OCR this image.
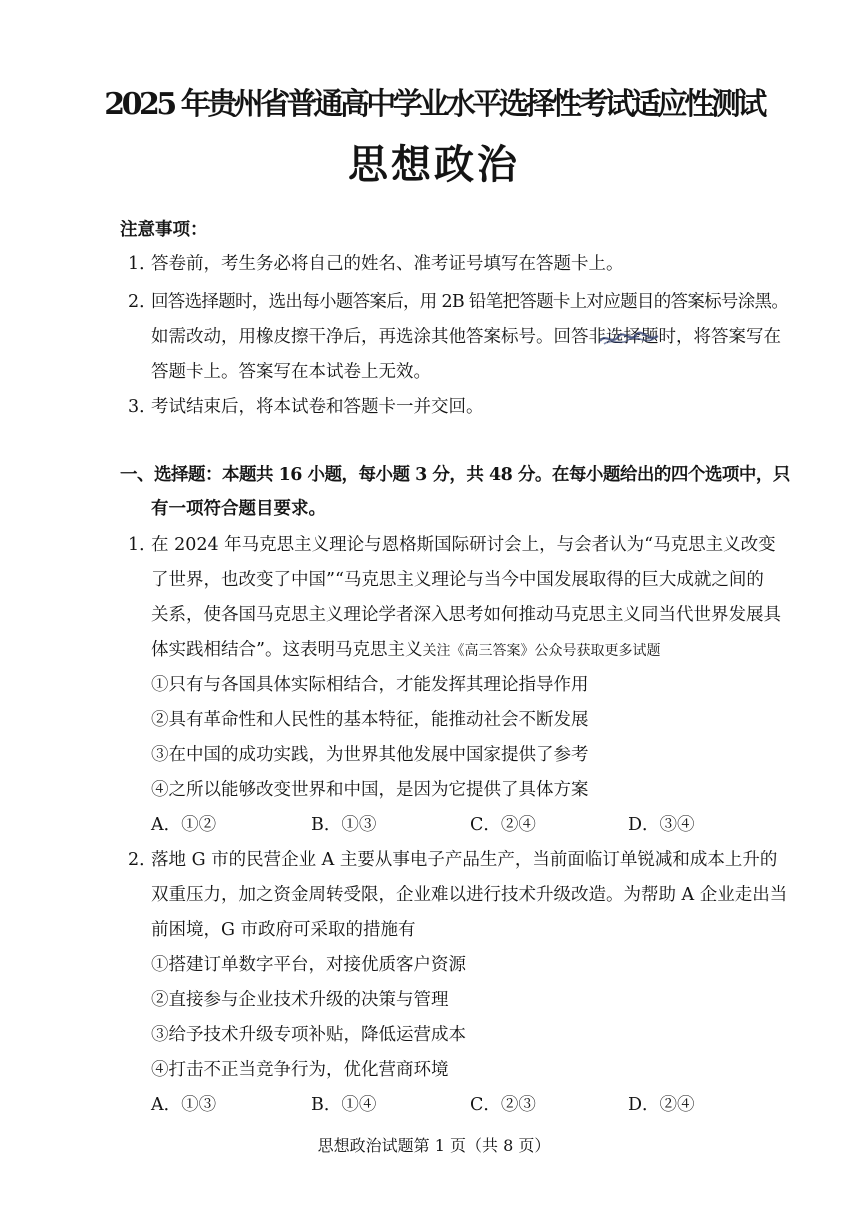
2025 年贵州省普通高中学业水平选择性考试适应性测试
思想政治
注意事项：
1．
答卷前，考生务必将自己的姓名、准考证号填写在答题卡上。
2．
回答选择题时，选出每小题答案后，用 2B 铅笔把答题卡上对应题目的答案标号涂黑。
如需改动，用橡皮擦干净后，再选涂其他答案标号。回答非选择题时，将答案写在
答题卡上。答案写在本试卷上无效。
3．
考试结束后，将本试卷和答题卡一并交回。
一、选择题：本题共 16 小题，每小题 3 分，共 48 分。在每小题给出的四个选项中，只
有一项符合题目要求。
1．
在 2024 年马克思主义理论与恩格斯国际研讨会上，与会者认为“马克思主义改变
了世界，也改变了中国”“马克思主义理论与当今中国发展取得的巨大成就之间的
关系，使各国马克思主义理论学者深入思考如何推动马克思主义同当代世界发展具
体实践相结合”。这表明马克思主义关注《高三答案》公众号获取更多试题
①只有与各国具体实际相结合，才能发挥其理论指导作用
②具有革命性和人民性的基本特征，能推动社会不断发展
③在中国的成功实践，为世界其他发展中国家提供了参考
④之所以能够改变世界和中国，是因为它提供了具体方案
A．①②	B．①③	C．②④	D．③④
2．
落地 G 市的民营企业 A 主要从事电子产品生产，当前面临订单锐减和成本上升的
双重压力，加之资金周转受限，企业难以进行技术升级改造。为帮助 A 企业走出当
前困境，G 市政府可采取的措施有
①搭建订单数字平台，对接优质客户资源
②直接参与企业技术升级的决策与管理
③给予技术升级专项补贴，降低运营成本
④打击不正当竞争行为，优化营商环境
A．①③	B．①④	C．②③	D．②④
思想政治试题第 1 页（共 8 页）
